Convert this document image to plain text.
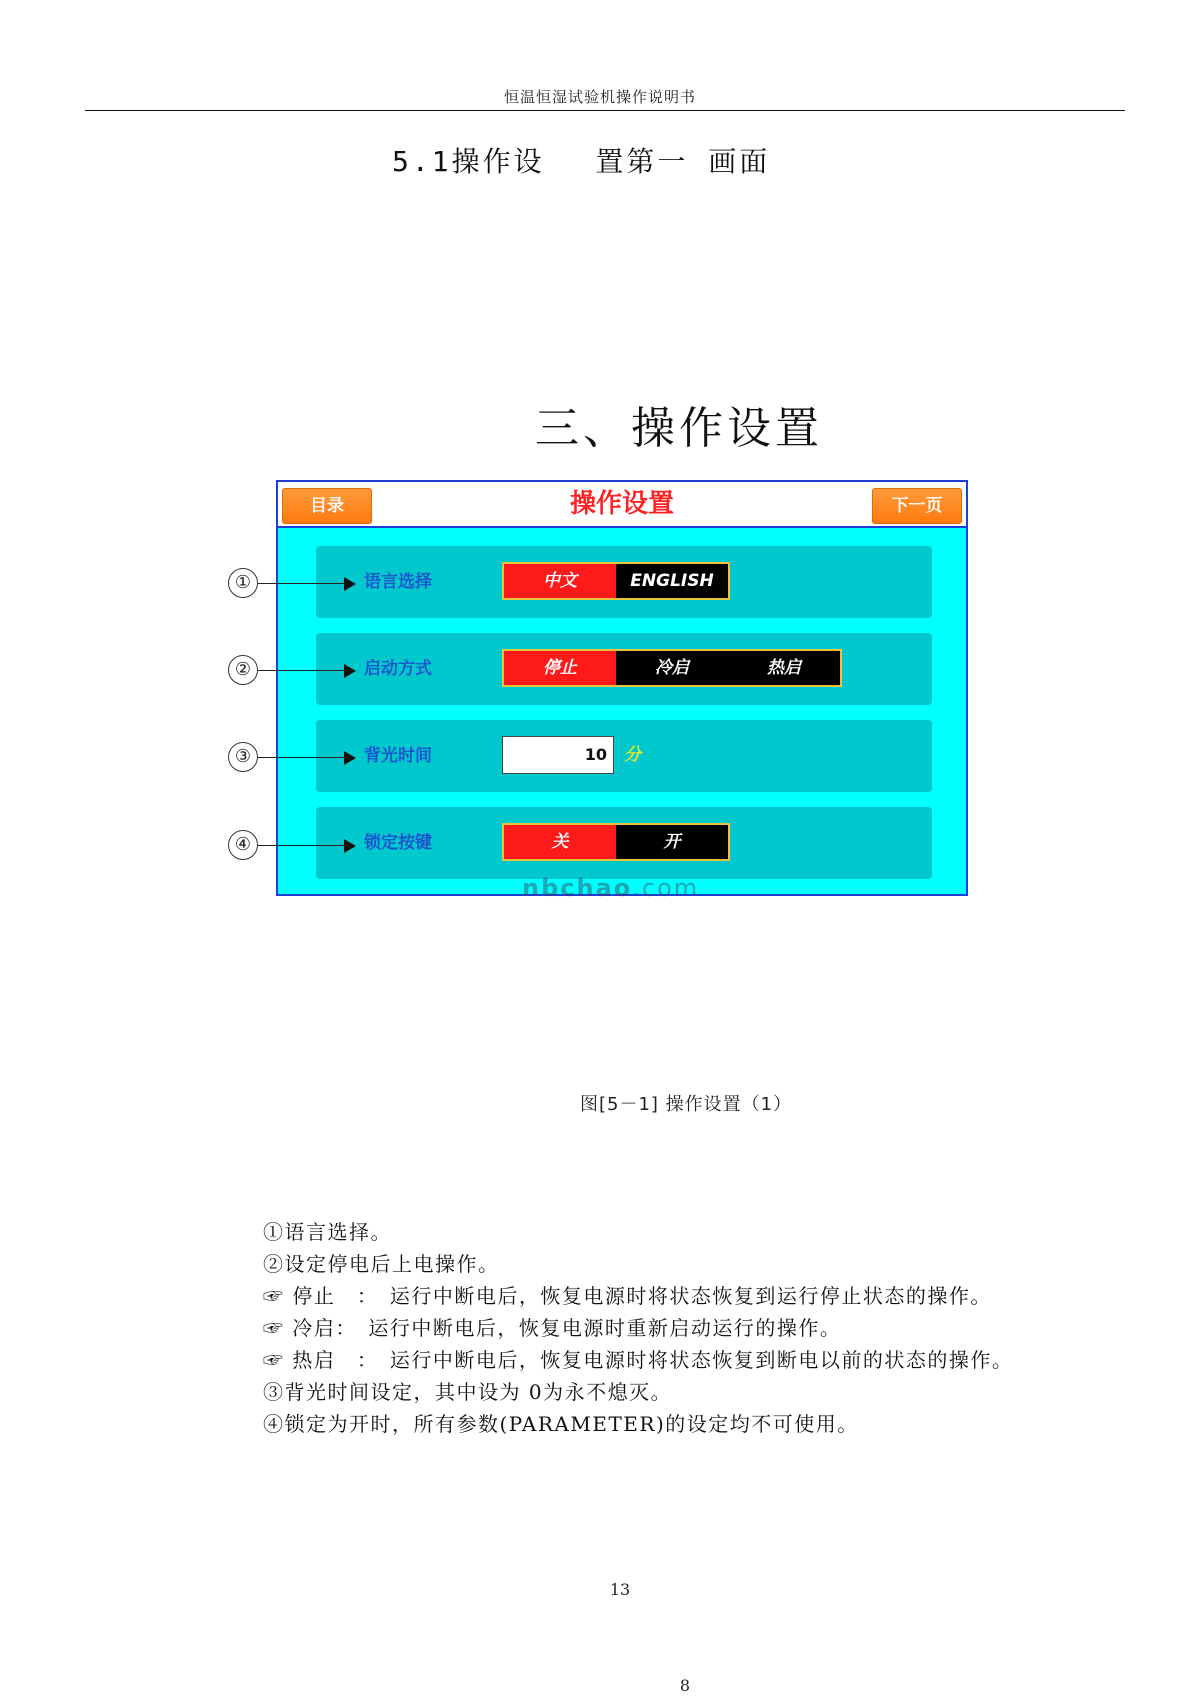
恒温恒湿试验机操作说明书
5.1操作设　 置第一 画面
三、操作设置
目录	操作设置	下一页
语言选择	中文	ENGLISH
启动方式	停止	冷启	热启
背光时间	10	分
锁定按键	关	开
nbchao.com
①
②
③
④
图[5－1] 操作设置（1）
①语言选择。
②设定停电后上电操作。
☞ 停止　：　运行中断电后，恢复电源时将状态恢复到运行停止状态的操作。
☞ 冷启：　运行中断电后，恢复电源时重新启动运行的操作。
☞ 热启　：　运行中断电后，恢复电源时将状态恢复到断电以前的状态的操作。
③背光时间设定，其中设为 0为永不熄灭。
④锁定为开时，所有参数(PARAMETER)的设定均不可使用。
13
8
